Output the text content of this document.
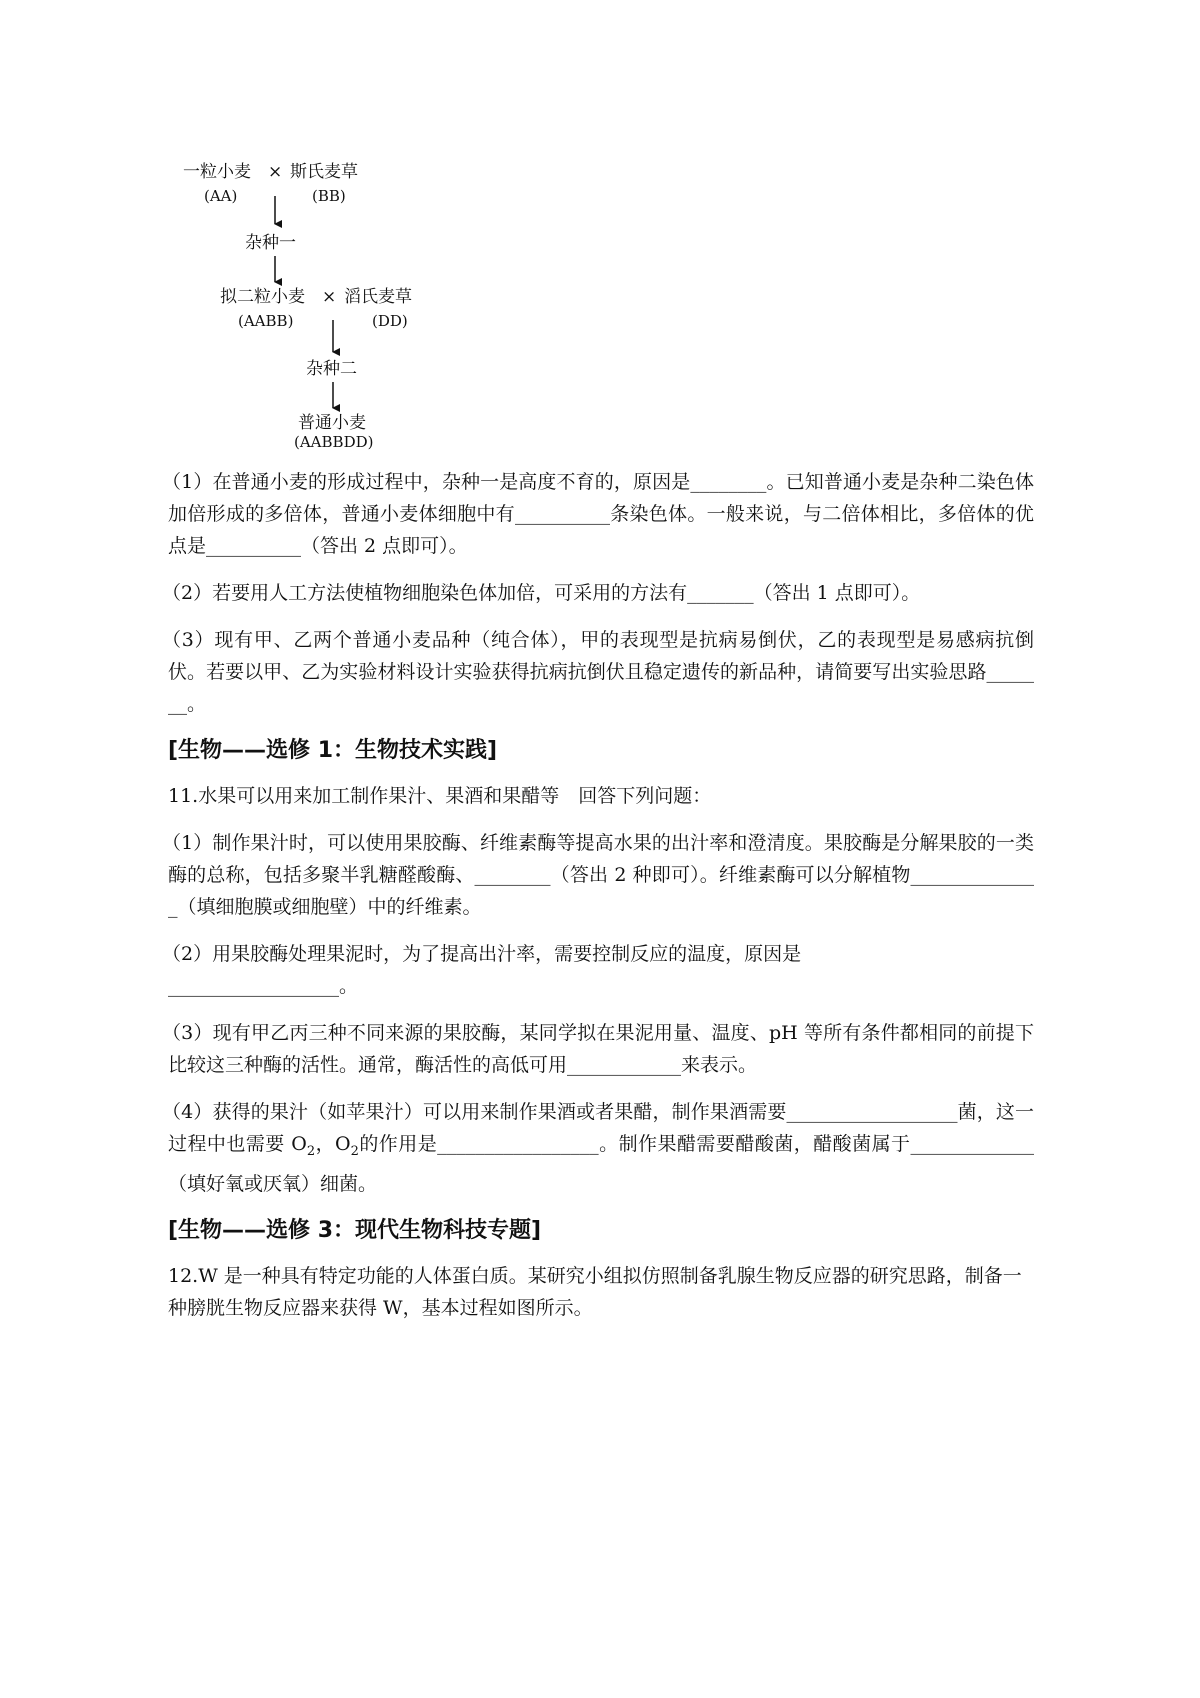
一粒小麦 × 斯氏麦草
(AA)	(BB)
杂种一
拟二粒小麦 × 滔氏麦草
(AABB)	(DD)
杂种二
普通小麦
(AABBDD)

（1）在普通小麦的形成过程中，杂种一是高度不育的，原因是________。已知普通小麦是杂种二染色体加倍形成的多倍体，普通小麦体细胞中有__________条染色体。一般来说，与二倍体相比，多倍体的优点是__________（答出 2 点即可）。

（2）若要用人工方法使植物细胞染色体加倍，可采用的方法有_______（答出 1 点即可）。

（3）现有甲、乙两个普通小麦品种（纯合体），甲的表现型是抗病易倒伏，乙的表现型是易感病抗倒伏。若要以甲、乙为实验材料设计实验获得抗病抗倒伏且稳定遗传的新品种，请简要写出实验思路_______。

[生物——选修 1：生物技术实践]

11.水果可以用来加工制作果汁、果酒和果醋等　回答下列问题：

（1）制作果汁时，可以使用果胶酶、纤维素酶等提高水果的出汁率和澄清度。果胶酶是分解果胶的一类酶的总称，包括多聚半乳糖醛酸酶、________（答出 2 种即可）。纤维素酶可以分解植物______________（填细胞膜或细胞壁）中的纤维素。

（2）用果胶酶处理果泥时，为了提高出汁率，需要控制反应的温度，原因是
__________________。

（3）现有甲乙丙三种不同来源的果胶酶，某同学拟在果泥用量、温度、pH 等所有条件都相同的前提下比较这三种酶的活性。通常，酶活性的高低可用____________来表示。

（4）获得的果汁（如苹果汁）可以用来制作果酒或者果醋，制作果酒需要__________________菌，这一过程中也需要 $O_2$，$O_2$的作用是_________________。制作果醋需要醋酸菌，醋酸菌属于_____________（填好氧或厌氧）细菌。

[生物——选修 3：现代生物科技专题]

12.W 是一种具有特定功能的人体蛋白质。某研究小组拟仿照制备乳腺生物反应器的研究思路，制备一种膀胱生物反应器来获得 W，基本过程如图所示。
